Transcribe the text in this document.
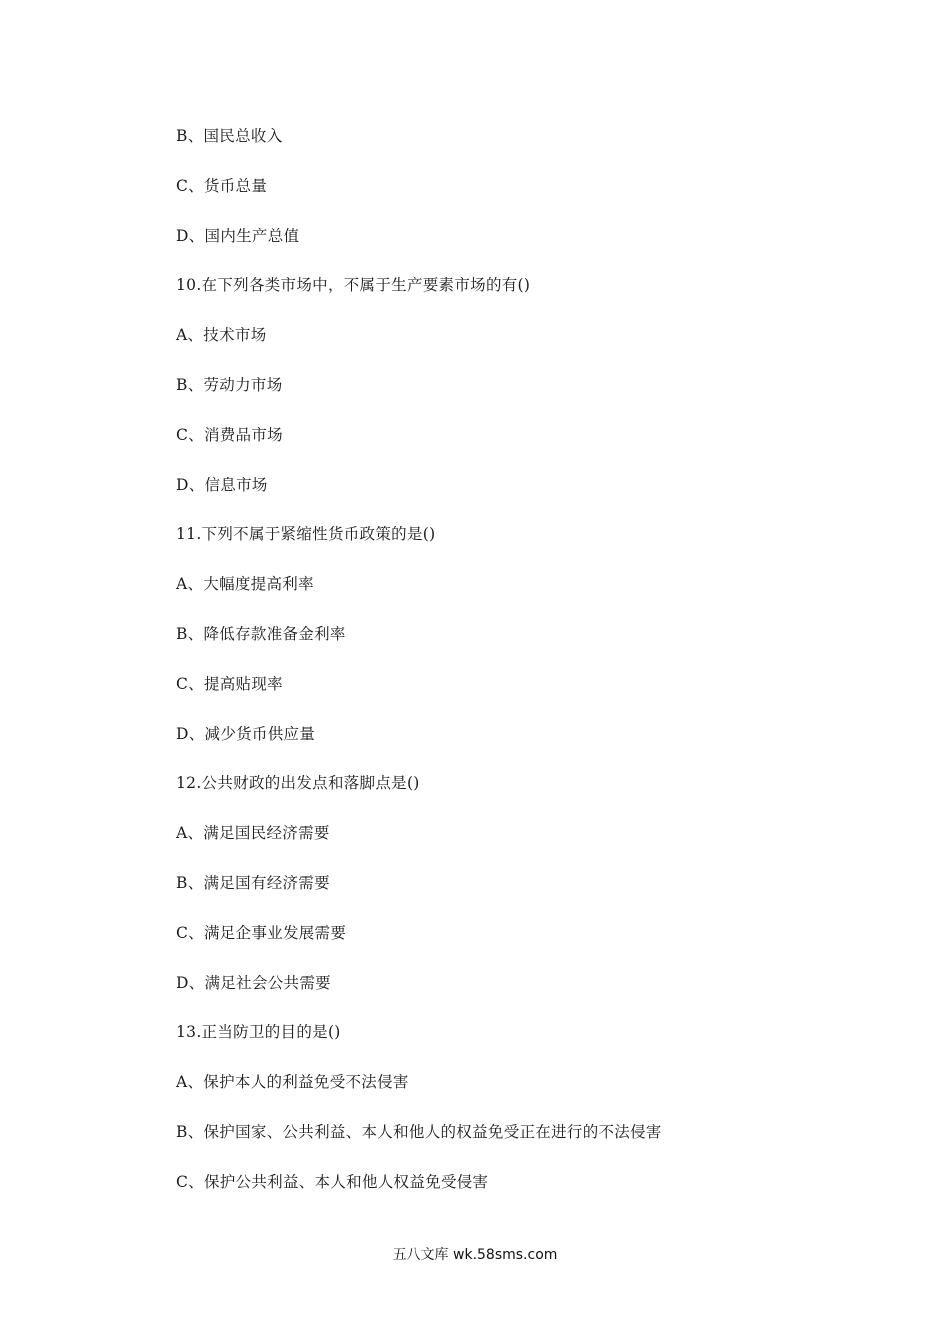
B、国民总收入
C、货币总量
D、国内生产总值
10.在下列各类市场中，不属于生产要素市场的有()
A、技术市场
B、劳动力市场
C、消费品市场
D、信息市场
11.下列不属于紧缩性货币政策的是()
A、大幅度提高利率
B、降低存款准备金利率
C、提高贴现率
D、减少货币供应量
12.公共财政的出发点和落脚点是()
A、满足国民经济需要
B、满足国有经济需要
C、满足企事业发展需要
D、满足社会公共需要
13.正当防卫的目的是()
A、保护本人的利益免受不法侵害
B、保护国家、公共利益、本人和他人的权益免受正在进行的不法侵害
C、保护公共利益、本人和他人权益免受侵害
五八文库 wk.58sms.com
